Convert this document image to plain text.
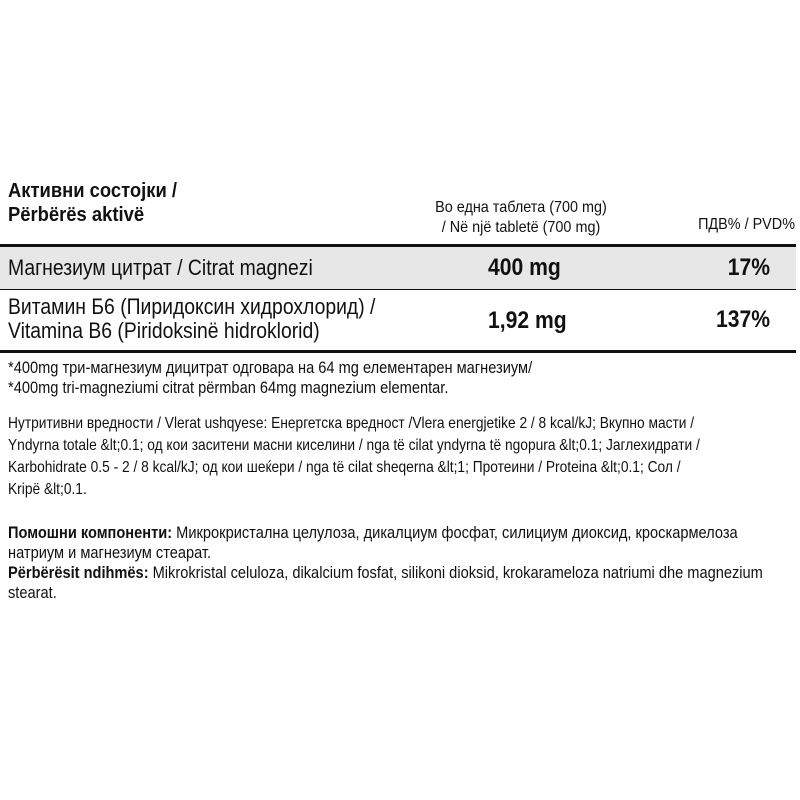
Активни состојки /
Përbërës aktivë	Во една таблета (700 mg)
/ Në një tabletë (700 mg)	ПДВ% / PVD%
Магнезиум цитрат / Citrat magnezi	400 mg	17%
Витамин Б6 (Пиридоксин хидрохлорид) /
Vitamina B6 (Piridoksinë hidroklorid)	1,92 mg	137%
*400mg три-магнезиум дицитрат одговара на 64 mg елементарен магнезиум/
*400mg tri-magneziumi citrat përmban 64mg magnezium elementar.
Нутритивни вредности / Vlerat ushqyese: Енергетска вредност /Vlera energjetike 2 / 8 kcal/kJ; Вкупно масти / Yndyrna totale &lt;0.1; од кои заситени масни киселини / nga të cilat yndyrna të ngopura &lt;0.1; Јаглехидрати / Karbohidrate 0.5 - 2 / 8 kcal/kJ; од кои шеќери / nga të cilat sheqerna &lt;1; Протеини / Proteina &lt;0.1; Сол / Kripë &lt;0.1.

Помошни компоненти: Микрокристална целулоза, дикалциум фосфат, силициум диоксид, кроскармелоза натриум и магнезиум стеарат.

Përbërësit ndihmës: Mikrokristal celuloza, dikalcium fosfat, silikoni dioksid, krokarameloza natriumi dhe magnezium stearat.
